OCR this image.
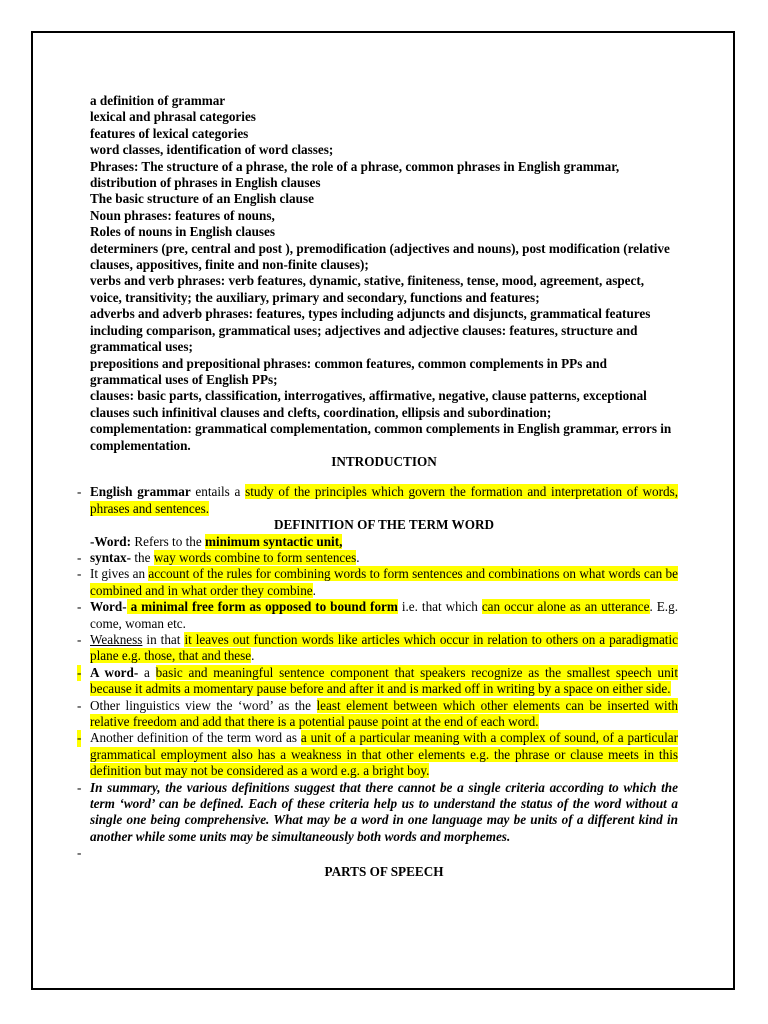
a definition of grammar

lexical and phrasal categories

features of lexical categories

word classes, identification of word classes;

Phrases: The structure of a phrase, the role of a phrase, common phrases in English grammar, distribution of phrases in English clauses

The basic structure of an English clause

Noun phrases: features of nouns,

Roles of nouns in English clauses

determiners (pre, central and post ), premodification (adjectives and nouns), post modification (relative clauses, appositives, finite and non-finite clauses);

verbs and verb phrases: verb features, dynamic, stative, finiteness, tense, mood, agreement, aspect, voice, transitivity; the auxiliary, primary and secondary, functions and features;

adverbs and adverb phrases: features, types including adjuncts and disjuncts, grammatical features including comparison, grammatical uses; adjectives and adjective clauses: features, structure and grammatical uses;

prepositions and prepositional phrases: common features, common complements in PPs and grammatical uses of English PPs;

clauses: basic parts, classification, interrogatives, affirmative, negative, clause patterns, exceptional clauses such infinitival clauses and clefts, coordination, ellipsis and subordination;

complementation: grammatical complementation, common complements in English grammar, errors in complementation.

INTRODUCTION

- English grammar entails a study of the principles which govern the formation and interpretation of words, phrases and sentences.

DEFINITION OF THE TERM WORD

-Word: Refers to the minimum syntactic unit,
- syntax- the way words combine to form sentences.
- It gives an account of the rules for combining words to form sentences and combinations on what words can be combined and in what order they combine.
- Word- a minimal free form as opposed to bound form i.e. that which can occur alone as an utterance. E.g. come, woman etc.
- Weakness in that it leaves out function words like articles which occur in relation to others on a paradigmatic plane e.g. those, that and these.
- A word- a basic and meaningful sentence component that speakers recognize as the smallest speech unit because it admits a momentary pause before and after it and is marked off in writing by a space on either side.
- Other linguistics view the ‘word’ as the least element between which other elements can be inserted with relative freedom and add that there is a potential pause point at the end of each word.
- Another definition of the term word as a unit of a particular meaning with a complex of sound, of a particular grammatical employment also has a weakness in that other elements e.g. the phrase or clause meets in this definition but may not be considered as a word e.g. a bright boy.
- In summary, the various definitions suggest that there cannot be a single criteria according to which the term ‘word’ can be defined. Each of these criteria help us to understand the status of the word without a single one being comprehensive. What may be a word in one language may be units of a different kind in another while some units may be simultaneously both words and morphemes.
-

PARTS OF SPEECH
